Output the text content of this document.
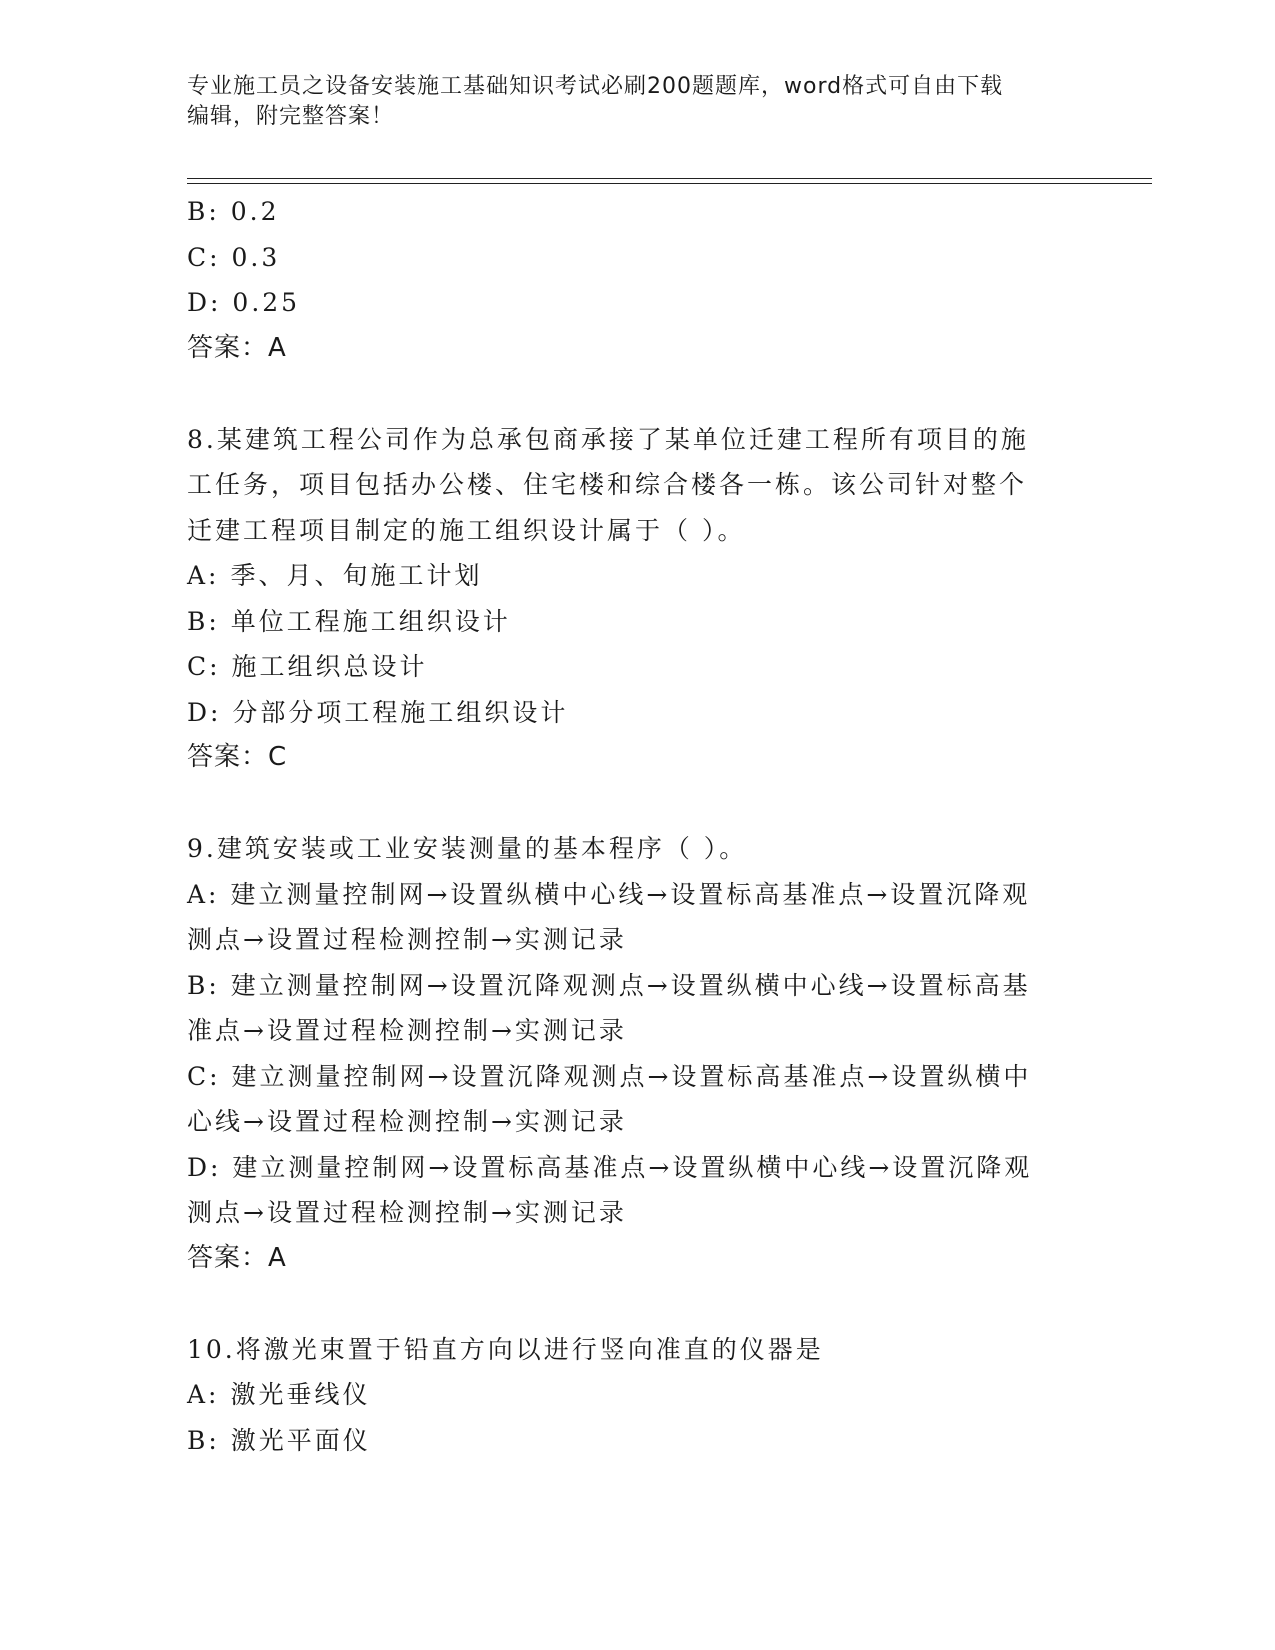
专业施工员之设备安装施工基础知识考试必刷200题题库，word格式可自由下载
编辑，附完整答案！
B: 0.2
C: 0.3
D: 0.25
答案：A
8.某建筑工程公司作为总承包商承接了某单位迁建工程所有项目的施
工任务，项目包括办公楼、住宅楼和综合楼各一栋。该公司针对整个
迁建工程项目制定的施工组织设计属于（ ）。
A: 季、月、旬施工计划
B: 单位工程施工组织设计
C: 施工组织总设计
D: 分部分项工程施工组织设计
答案：C
9.建筑安装或工业安装测量的基本程序（ ）。
A: 建立测量控制网→设置纵横中心线→设置标高基准点→设置沉降观
测点→设置过程检测控制→实测记录
B: 建立测量控制网→设置沉降观测点→设置纵横中心线→设置标高基
准点→设置过程检测控制→实测记录
C: 建立测量控制网→设置沉降观测点→设置标高基准点→设置纵横中
心线→设置过程检测控制→实测记录
D: 建立测量控制网→设置标高基准点→设置纵横中心线→设置沉降观
测点→设置过程检测控制→实测记录
答案：A
10.将激光束置于铅直方向以进行竖向准直的仪器是
A: 激光垂线仪
B: 激光平面仪
